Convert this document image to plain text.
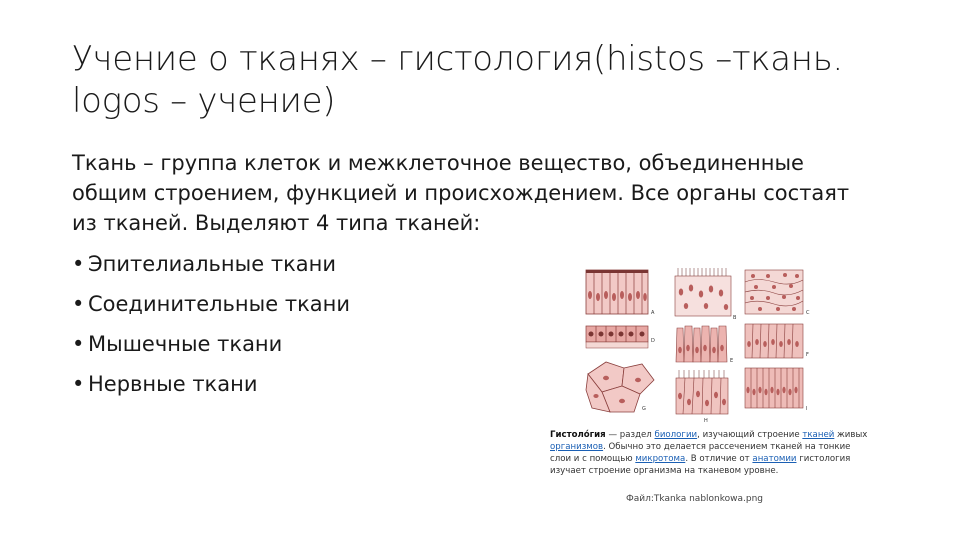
Учение о тканях – гистология(histos –ткань. logos – учение)
Ткань – группа клеток и межклеточное вещество, объединенные общим строением, функцией и происхождением. Все органы состаят из тканей. Выделяют 4 типа тканей:
• Эпителиальные ткани
• Соединительные ткани
• Мышечные ткани
• Нервные ткани
A
B
C
D
E
F
G
H
I
Гистоло́гия — раздел биологии, изучающий строение тканей живых организмов. Обычно это делается рассечением тканей на тонкие слои и с помощью микротома. В отличие от анатомии гистология изучает строение организма на тканевом уровне.
Файл:Tkanka nablonkowa.png
